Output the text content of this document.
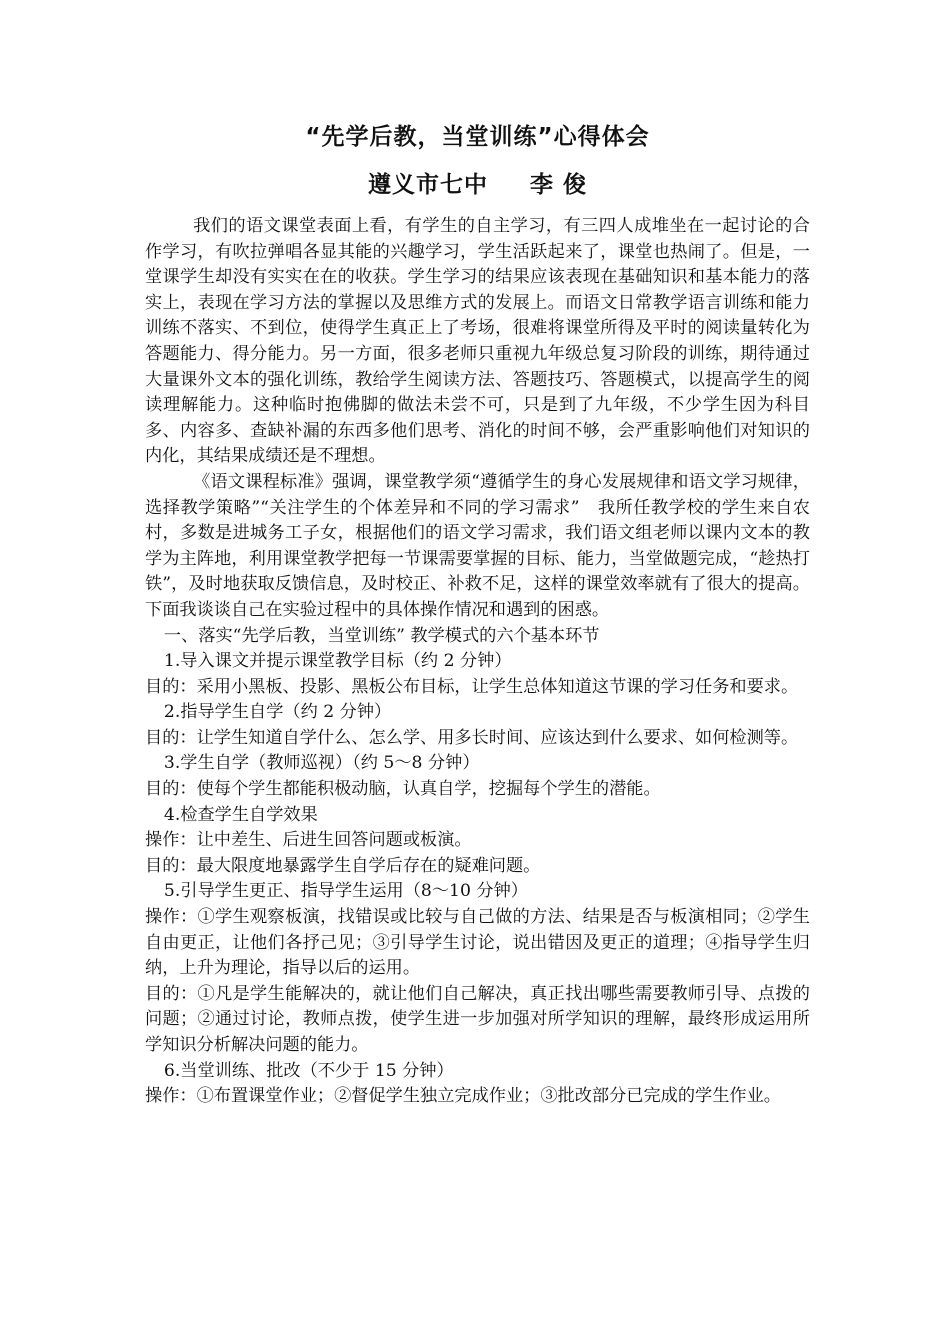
“先学后教，当堂训练”心得体会
遵义市七中 李 俊

我们的语文课堂表面上看，有学生的自主学习，有三四人成堆坐在一起讨论的合作学习，有吹拉弹唱各显其能的兴趣学习，学生活跃起来了，课堂也热闹了。但是，一堂课学生却没有实实在在的收获。学生学习的结果应该表现在基础知识和基本能力的落实上，表现在学习方法的掌握以及思维方式的发展上。而语文日常教学语言训练和能力训练不落实、不到位，使得学生真正上了考场，很难将课堂所得及平时的阅读量转化为答题能力、得分能力。另一方面，很多老师只重视九年级总复习阶段的训练，期待通过大量课外文本的强化训练，教给学生阅读方法、答题技巧、答题模式，以提高学生的阅读理解能力。这种临时抱佛脚的做法未尝不可，只是到了九年级，不少学生因为科目多、内容多、查缺补漏的东西多他们思考、消化的时间不够，会严重影响他们对知识的内化，其结果成绩还是不理想。

《语文课程标准》强调，课堂教学须“遵循学生的身心发展规律和语文学习规律，选择教学策略”“关注学生的个体差异和不同的学习需求”　我所任教学校的学生来自农村，多数是进城务工子女，根据他们的语文学习需求，我们语文组老师以课内文本的教学为主阵地，利用课堂教学把每一节课需要掌握的目标、能力，当堂做题完成，“趁热打铁”，及时地获取反馈信息，及时校正、补救不足，这样的课堂效率就有了很大的提高。下面我谈谈自己在实验过程中的具体操作情况和遇到的困惑。

一、落实“先学后教，当堂训练” 教学模式的六个基本环节

1.导入课文并提示课堂教学目标（约 2 分钟）

目的：采用小黑板、投影、黑板公布目标，让学生总体知道这节课的学习任务和要求。

2.指导学生自学（约 2 分钟）

目的：让学生知道自学什么、怎么学、用多长时间、应该达到什么要求、如何检测等。

3.学生自学（教师巡视）（约 5～8 分钟）

目的：使每个学生都能积极动脑，认真自学，挖掘每个学生的潜能。

4.检查学生自学效果

操作：让中差生、后进生回答问题或板演。

目的：最大限度地暴露学生自学后存在的疑难问题。

5.引导学生更正、指导学生运用（8～10 分钟）

操作：①学生观察板演，找错误或比较与自己做的方法、结果是否与板演相同；②学生自由更正，让他们各抒己见；③引导学生讨论，说出错因及更正的道理；④指导学生归纳，上升为理论，指导以后的运用。

目的：①凡是学生能解决的，就让他们自己解决，真正找出哪些需要教师引导、点拨的问题；②通过讨论，教师点拨，使学生进一步加强对所学知识的理解，最终形成运用所学知识分析解决问题的能力。

6.当堂训练、批改（不少于 15 分钟）

操作：①布置课堂作业；②督促学生独立完成作业；③批改部分已完成的学生作业。
